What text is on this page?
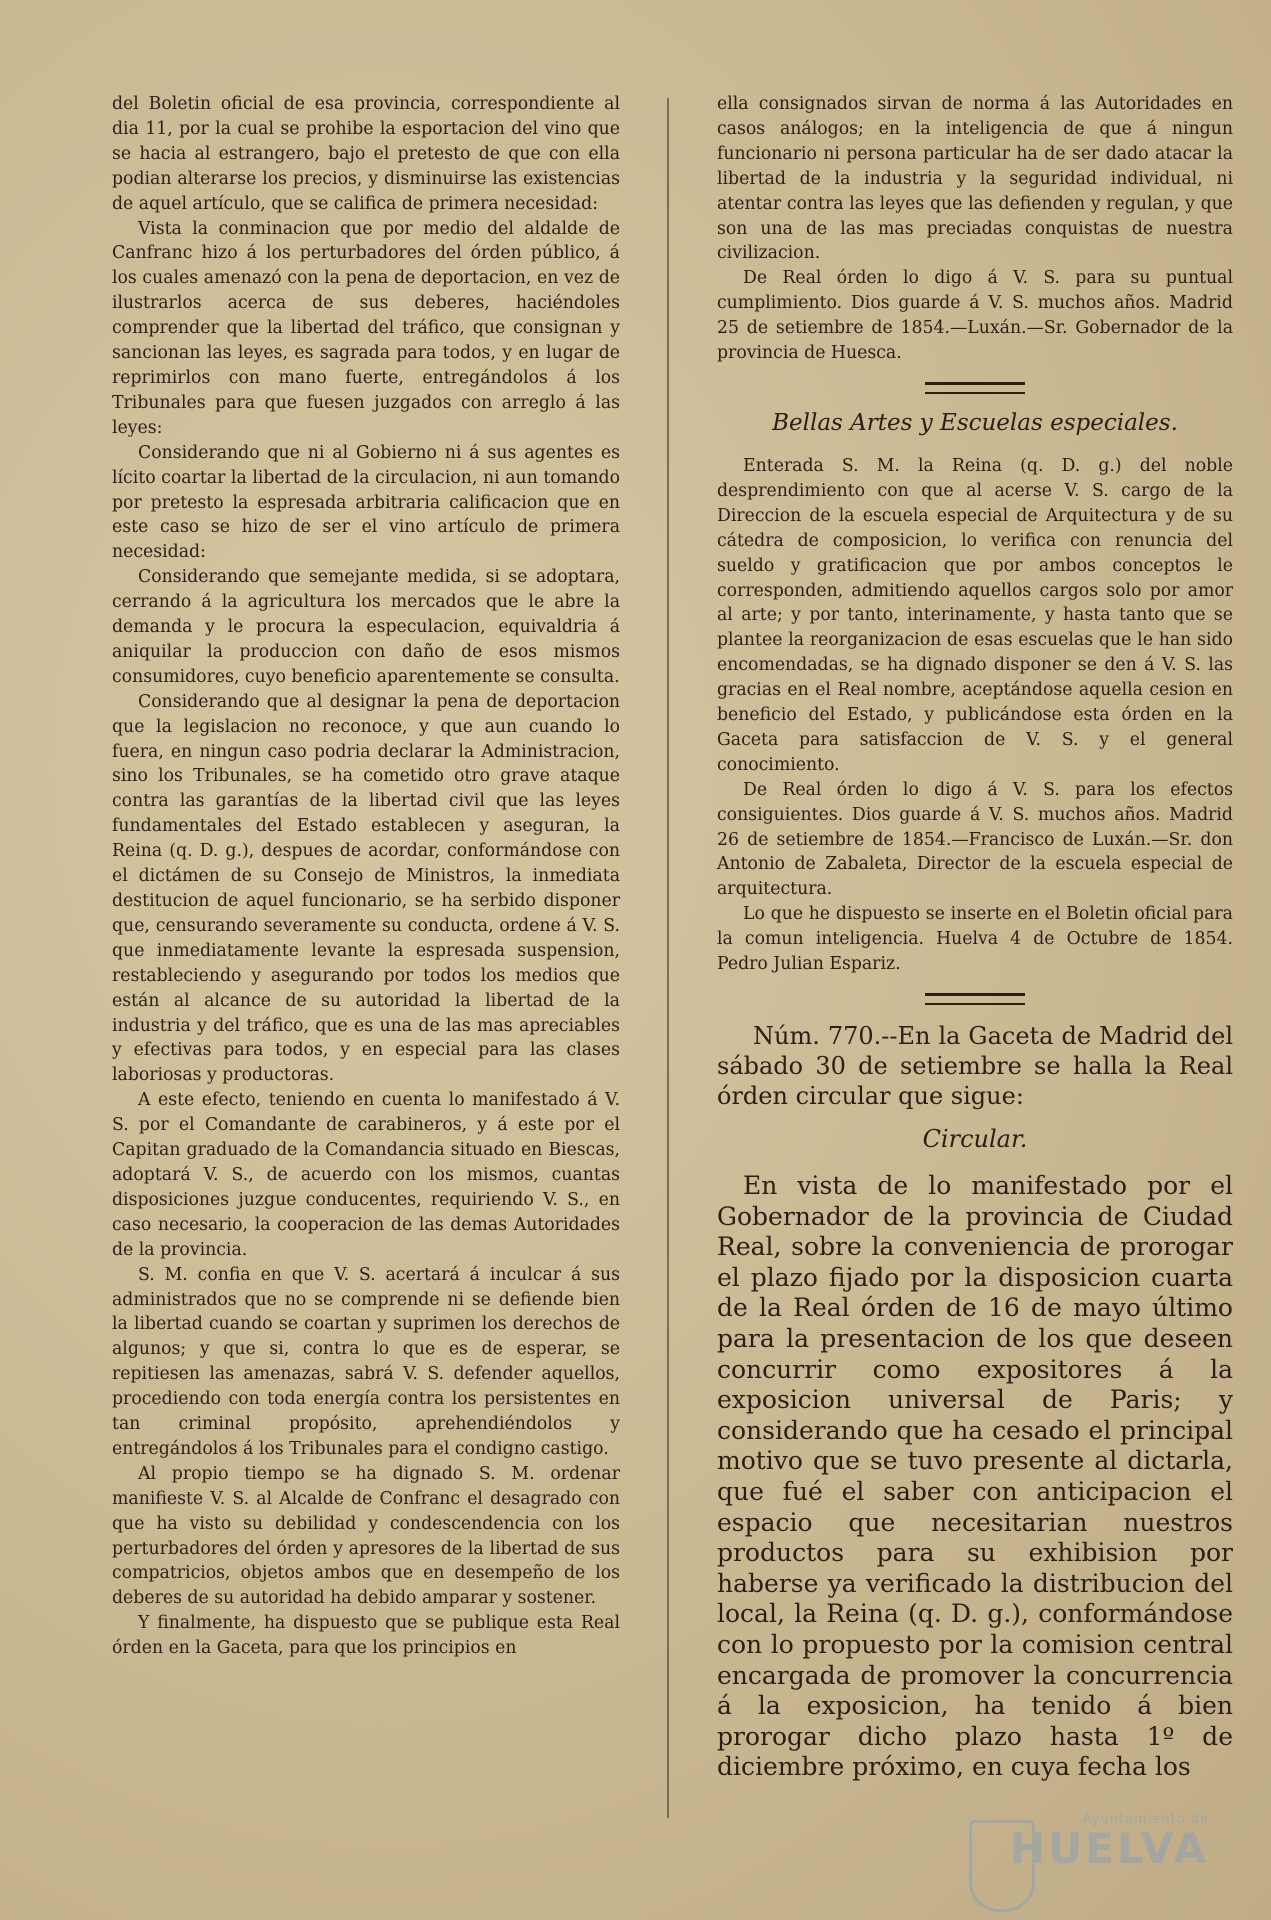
del Boletin oficial de esa provincia, correspondiente al dia 11, por la cual se prohibe la esportacion del vino que se hacia al estrangero, bajo el pretesto de que con ella podian alterarse los precios, y disminuirse las existencias de aquel artículo, que se califica de primera necesidad:

Vista la conminacion que por medio del aldalde de Canfranc hizo á los perturbadores del órden público, á los cuales amenazó con la pena de deportacion, en vez de ilustrarlos acerca de sus deberes, haciéndoles comprender que la libertad del tráfico, que consignan y sancionan las leyes, es sagrada para todos, y en lugar de reprimirlos con mano fuerte, entregándolos á los Tribunales para que fuesen juzgados con arreglo á las leyes:

Considerando que ni al Gobierno ni á sus agentes es lícito coartar la libertad de la circulacion, ni aun tomando por pretesto la espresada arbitraria calificacion que en este caso se hizo de ser el vino artículo de primera necesidad:

Considerando que semejante medida, si se adoptara, cerrando á la agricultura los mercados que le abre la demanda y le procura la especulacion, equivaldria á aniquilar la produccion con daño de esos mismos consumidores, cuyo beneficio aparentemente se consulta.

Considerando que al designar la pena de deportacion que la legislacion no reconoce, y que aun cuando lo fuera, en ningun caso podria declarar la Administracion, sino los Tribunales, se ha cometido otro grave ataque contra las garantías de la libertad civil que las leyes fundamentales del Estado establecen y aseguran, la Reina (q. D. g.), despues de acordar, conformándose con el dictámen de su Consejo de Ministros, la inmediata destitucion de aquel funcionario, se ha serbido disponer que, censurando severamente su conducta, ordene á V. S. que inmediatamente levante la espresada suspension, restableciendo y asegurando por todos los medios que están al alcance de su autoridad la libertad de la industria y del tráfico, que es una de las mas apreciables y efectivas para todos, y en especial para las clases laboriosas y productoras.

A este efecto, teniendo en cuenta lo manifestado á V. S. por el Comandante de carabineros, y á este por el Capitan graduado de la Comandancia situado en Biescas, adoptará V. S., de acuerdo con los mismos, cuantas disposiciones juzgue conducentes, requiriendo V. S., en caso necesario, la cooperacion de las demas Autoridades de la provincia.

S. M. confia en que V. S. acertará á inculcar á sus administrados que no se comprende ni se defiende bien la libertad cuando se coartan y suprimen los derechos de algunos; y que si, contra lo que es de esperar, se repitiesen las amenazas, sabrá V. S. defender aquellos, procediendo con toda energía contra los persistentes en tan criminal propósito, aprehendiéndolos y entregándolos á los Tribunales para el condigno castigo.

Al propio tiempo se ha dignado S. M. ordenar manifieste V. S. al Alcalde de Confranc el desagrado con que ha visto su debilidad y condescendencia con los perturbadores del órden y apresores de la libertad de sus compatricios, objetos ambos que en desempeño de los deberes de su autoridad ha debido amparar y sostener.

Y finalmente, ha dispuesto que se publique esta Real órden en la Gaceta, para que los principios en

ella consignados sirvan de norma á las Autoridades en casos análogos; en la inteligencia de que á ningun funcionario ni persona particular ha de ser dado atacar la libertad de la industria y la seguridad individual, ni atentar contra las leyes que las defienden y regulan, y que son una de las mas preciadas conquistas de nuestra civilizacion.

De Real órden lo digo á V. S. para su puntual cumplimiento. Dios guarde á V. S. muchos años. Madrid 25 de setiembre de 1854.—Luxán.—Sr. Gobernador de la provincia de Huesca.

Bellas Artes y Escuelas especiales.

Enterada S. M. la Reina (q. D. g.) del noble desprendimiento con que al acerse V. S. cargo de la Direccion de la escuela especial de Arquitectura y de su cátedra de composicion, lo verifica con renuncia del sueldo y gratificacion que por ambos conceptos le corresponden, admitiendo aquellos cargos solo por amor al arte; y por tanto, interinamente, y hasta tanto que se plantee la reorganizacion de esas escuelas que le han sido encomendadas, se ha dignado disponer se den á V. S. las gracias en el Real nombre, aceptándose aquella cesion en beneficio del Estado, y publicándose esta órden en la Gaceta para satisfaccion de V. S. y el general conocimiento.

De Real órden lo digo á V. S. para los efectos consiguientes. Dios guarde á V. S. muchos años. Madrid 26 de setiembre de 1854.—Francisco de Luxán.—Sr. don Antonio de Zabaleta, Director de la escuela especial de arquitectura.

Lo que he dispuesto se inserte en el Boletin oficial para la comun inteligencia. Huelva 4 de Octubre de 1854. Pedro Julian Espariz.

Núm. 770.--En la Gaceta de Madrid del sábado 30 de setiembre se halla la Real órden circular que sigue:

Circular.

En vista de lo manifestado por el Gobernador de la provincia de Ciudad Real, sobre la conveniencia de prorogar el plazo fijado por la disposicion cuarta de la Real órden de 16 de mayo último para la presentacion de los que deseen concurrir como expositores á la exposicion universal de Paris; y considerando que ha cesado el principal motivo que se tuvo presente al dictarla, que fué el saber con anticipacion el espacio que necesitarian nuestros productos para su exhibision por haberse ya verificado la distribucion del local, la Reina (q. D. g.), conformándose con lo propuesto por la comision central encargada de promover la concurrencia á la exposicion, ha tenido á bien prorogar dicho plazo hasta 1º de diciembre próximo, en cuya fecha los

Ayuntamiento de
HUELVA
